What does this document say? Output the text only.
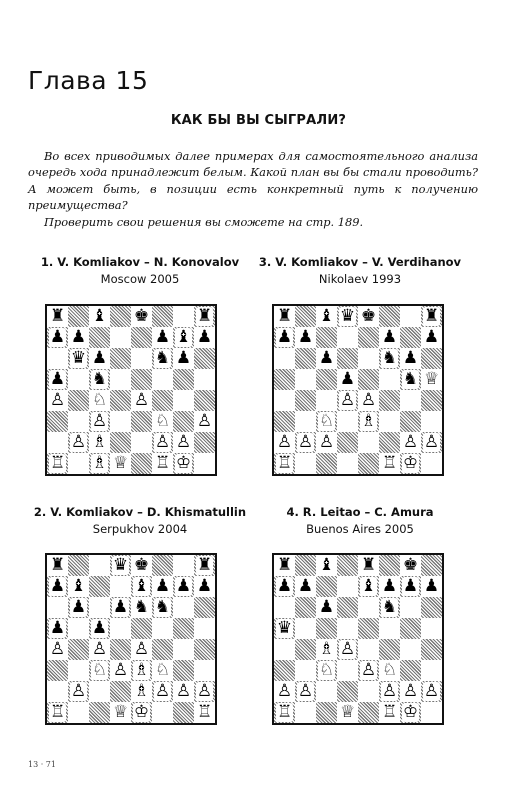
Глава 15
КАК БЫ ВЫ СЫГРАЛИ?

Во всех приводимых далее примерах для самостоятельного анализа очередь хода принадлежит белым. Какой план вы бы стали проводить? А может быть, в позиции есть конкретный путь к получению преимущества?

Проверить свои решения вы сможете на стр. 189.

1. V. Komliakov – N. Konovalov
Moscow 2005
♜ ♝ ♚	♜
♟ ♟	♟ ♝ ♟
♛ ♟	♞ ♟
♟ ♞
♙ ♘ ♙
♙	♘ ♙
♙ ♗	♙ ♙
♖ ♗ ♕ ♖ ♔
3. V. Komliakov – V. Verdihanov
Nikolaev 1993
♜ ♝ ♛ ♚	♜
♟ ♟	♟ ♟
♟	♞ ♟
♟	♞ ♕
♙ ♙
♘ ♗
♙ ♙ ♙	♙ ♙
♖	♖ ♔
2. V. Komliakov – D. Khismatullin
Serpukhov 2004
♜	♛ ♚	♜
♟ ♝	♝ ♟ ♟ ♟
♟ ♟ ♞ ♞
♟ ♟
♙ ♙ ♙
♘ ♙ ♗ ♘
♙	♗ ♙ ♙ ♙
♖	♕ ♔	♖
4. R. Leitao – C. Amura
Buenos Aires 2005
♜ ♝ ♜ ♚
♟ ♟	♝ ♟ ♟ ♟
♟	♞
♛
♗ ♙
♘ ♙ ♘
♙ ♙	♙ ♙ ♙
♖	♕ ♖ ♔
13 · 71
